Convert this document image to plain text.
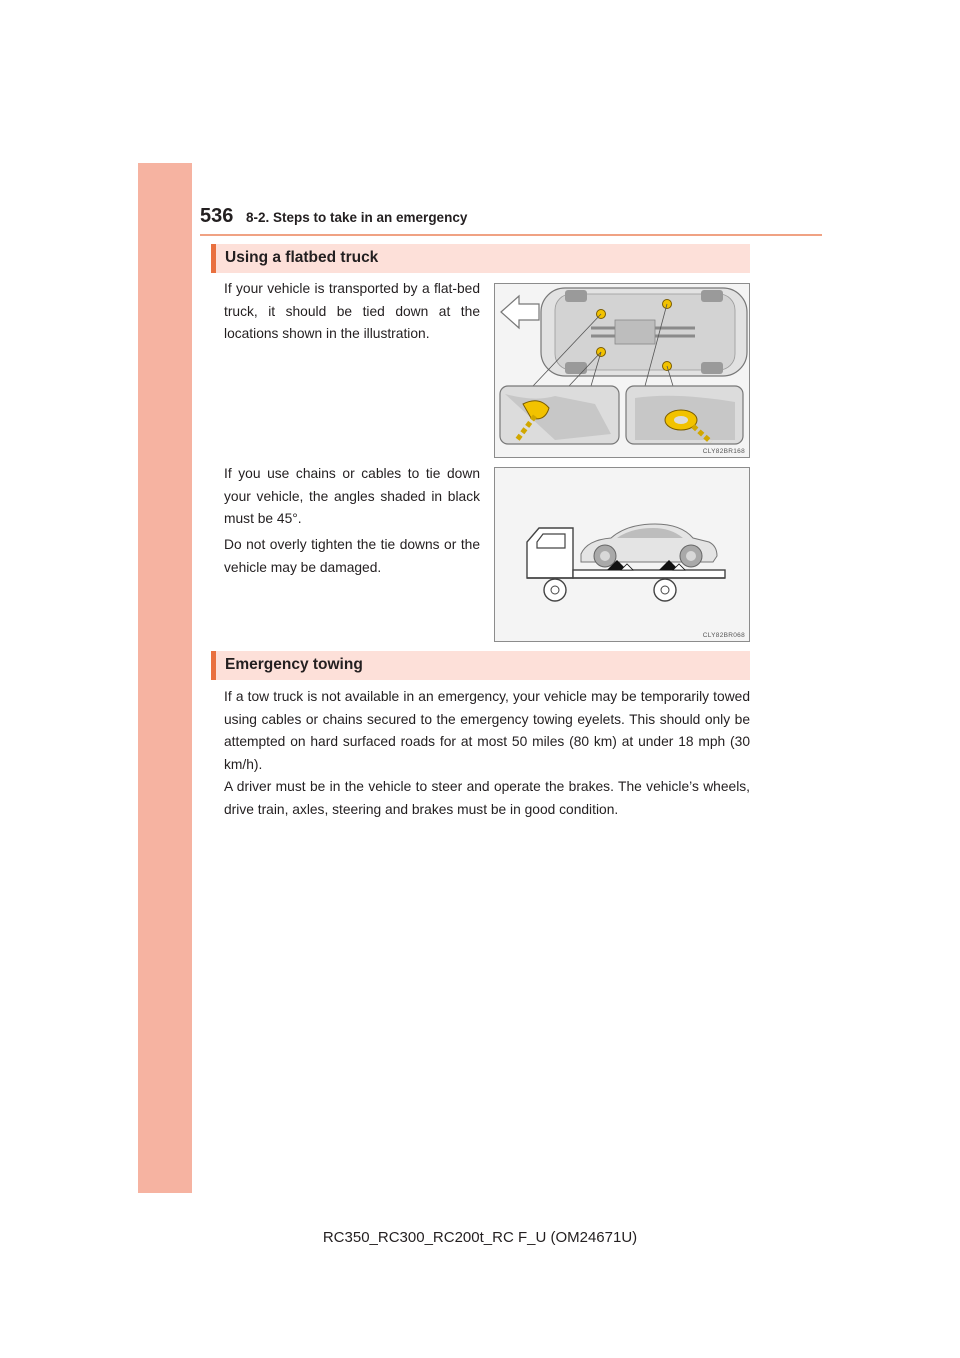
536 8-2. Steps to take in an emergency
Using a flatbed truck

If your vehicle is transported by a flat-bed truck, it should be tied down at the locations shown in the illustration.

CLY82BR168

If you use chains or cables to tie down your vehicle, the angles shaded in black must be 45°.

Do not overly tighten the tie downs or the vehicle may be damaged.

CLY82BR068
Emergency towing

If a tow truck is not available in an emergency, your vehicle may be temporarily towed using cables or chains secured to the emergency towing eyelets. This should only be attempted on hard surfaced roads for at most 50 miles (80 km) at under 18 mph (30 km/h).

A driver must be in the vehicle to steer and operate the brakes. The vehicle’s wheels, drive train, axles, steering and brakes must be in good condition.

RC350_RC300_RC200t_RC F_U (OM24671U)
